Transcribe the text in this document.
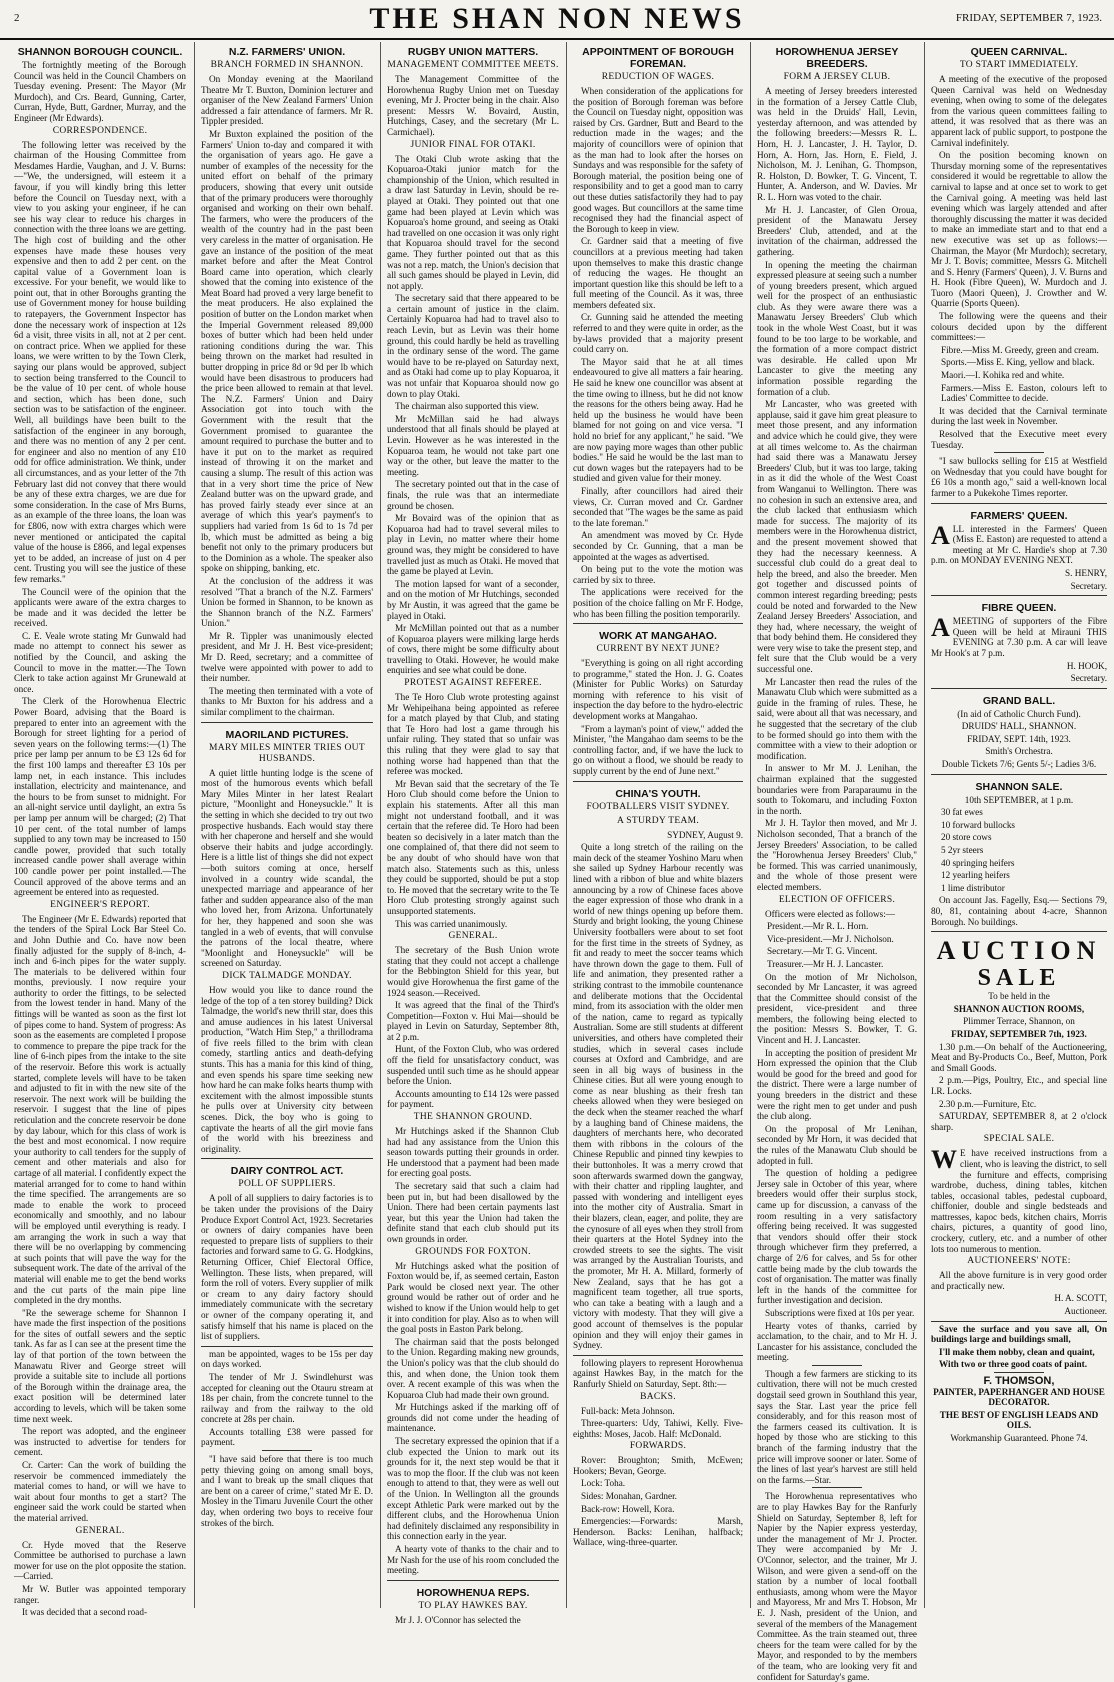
2	THE SHAN NON NEWS	FRIDAY, SEPTEMBER 7, 1923.
SHANNON BOROUGH COUNCIL.

The fortnightly meeting of the Borough Council was held in the Council Chambers on Tuesday evening. Present: The Mayor (Mr Murdoch), and Crs. Beard, Gunning, Carter, Curran, Hyde, Butt, Gardner, Murray, and the Engineer (Mr Edwards).

CORRESPONDENCE.

The following letter was received by the chairman of the Housing Committee from Mesdames Hardie, Vaughan, and J. V. Burns:—"We, the undersigned, will esteem it a favour, if you will kindly bring this letter before the Council on Tuesday next, with a view to you asking your engineer, if he can see his way clear to reduce his charges in connection with the three loans we are getting. The high cost of building and the other expenses have made these houses very expensive and then to add 2 per cent. on the capital value of a Government loan is excessive. For your benefit, we would like to point out, that in other Boroughs granting the use of Government money for house building to ratepayers, the Government Inspector has done the necessary work of inspection at 12s 6d a visit, three visits in all, not at 2 per cent. on contract price. When we applied for these loans, we were written to by the Town Clerk, saying our plans would be approved, subject to section being transferred to the Council to be the value of 10 per cent. of whole house and section, which has been done, such section was to be satisfaction of the engineer. Well, all buildings have been built to the satisfaction of the engineer in any borough, and there was no mention of any 2 per cent. for engineer and also no mention of any £10 odd for office administration. We think, under all circumstances, and as your letter of the 7th February last did not convey that there would be any of these extra charges, we are due for some consideration. In the case of Mrs Burns, as an example of the three loans, the loan was for £806, now with extra charges which were never mentioned or anticipated the capital value of the house is £866, and legal expenses yet to be added, an increase of just on 4 per cent. Trusting you will see the justice of these few remarks."

The Council were of the opinion that the applicants were aware of the extra charges to be made and it was decided the letter be received.

C. E. Veale wrote stating Mr Gunwald had made no attempt to connect his sewer as notified by the Council, and asking the Council to move in the matter.—The Town Clerk to take action against Mr Grunewald at once.

The Clerk of the Horowhenua Electric Power Board, advising that the Board is prepared to enter into an agreement with the Borough for street lighting for a period of seven years on the following terms:—(1) The price per lamp per annum to be £3 12s 6d for the first 100 lamps and thereafter £3 10s per lamp net, in each instance. This includes installation, electricity and maintenance, and the hours to be from sunset to midnight. For an all-night service until daylight, an extra 5s per lamp per annum will be charged; (2) That 10 per cent. of the total number of lamps supplied to any town may be increased to 150 candle power, provided that such totally increased candle power shall average within 100 candle power per point installed.—The Council approved of the above terms and an agreement be entered into as requested.

ENGINEER'S REPORT.

The Engineer (Mr E. Edwards) reported that the tenders of the Spiral Lock Bar Steel Co. and John Duthie and Co. have now been finally adjusted for the supply of 8-inch, 4-inch and 6-inch pipes for the water supply. The materials to be delivered within four months, previously. I now require your authority to order the fittings, to be selected from the lowest tender in hand. Many of the fittings will be wanted as soon as the first lot of pipes come to hand. System of progress: As soon as the easements are completed I propose to commence to prepare the pipe track for the line of 6-inch pipes from the intake to the site of the reservoir. Before this work is actually started, complete levels will have to be taken and adjusted to fit in with the new site of the reservoir. The next work will be building the reservoir. I suggest that the line of pipes reticulation and the concrete reservoir be done by day labour, which for this class of work is the best and most economical. I now require your authority to call tenders for the supply of cement and other materials and also for cartage of all material. I confidently expect the material arranged for to come to hand within the time specified. The arrangements are so made to enable the work to proceed economically and smoothly, and no labour will be employed until everything is ready. I am arranging the work in such a way that there will be no overlapping by commencing at such points that will pave the way for the subsequent work. The date of the arrival of the material will enable me to get the bend works and the cut parts of the main pipe line completed in the dry months.

"Re the sewerage scheme for Shannon I have made the first inspection of the positions for the sites of outfall sewers and the septic tank. As far as I can see at the present time the lay of that portion of the town between the Manawatu River and George street will provide a suitable site to include all portions of the Borough within the drainage area, the exact position will be determined later according to levels, which will be taken some time next week.

The report was adopted, and the engineer was instructed to advertise for tenders for cement.

Cr. Carter: Can the work of building the reservoir be commenced immediately the material comes to hand, or will we have to wait about four months to get a start? The engineer said the work could be started when the material arrived.

GENERAL.

Cr. Hyde moved that the Reserve Committee be authorised to purchase a lawn mower for use on the plot opposite the station.—Carried.

Mr W. Butler was appointed temporary ranger.

It was decided that a second road-

N.Z. FARMERS' UNION.
BRANCH FORMED IN SHANNON.

On Monday evening at the Maoriland Theatre Mr T. Buxton, Dominion lecturer and organiser of the New Zealand Farmers' Union addressed a fair attendance of farmers. Mr R. Tippler presided.

Mr Buxton explained the position of the Farmers' Union to-day and compared it with the organisation of years ago. He gave a number of examples of the necessity for the united effort on behalf of the primary producers, showing that every unit outside that of the primary producers were thoroughly organised and working on their own behalf. The farmers, who were the producers of the wealth of the country had in the past been very careless in the matter of organisation. He gave an instance of the position of the meat market before and after the Meat Control Board came into operation, which clearly showed that the coming into existence of the Meat Board had proved a very large benefit to the meat producers. He also explained the position of butter on the London market when the Imperial Government released 89,000 boxes of butter which had been held under rationing conditions during the war. This being thrown on the market had resulted in butter dropping in price 8d or 9d per lb which would have been disastrous to producers had the price been allowed to remain at that level. The N.Z. Farmers' Union and Dairy Association got into touch with the Government with the result that the Government promised to guarantee the amount required to purchase the butter and to have it put on to the market as required instead of throwing it on the market and causing a slump. The result of this action was that in a very short time the price of New Zealand butter was on the upward grade, and has proved fairly steady ever since at an average of which this year's payment's to suppliers had varied from 1s 6d to 1s 7d per lb, which must be admitted as being a big benefit not only to the primary producers but to the Dominion as a whole. The speaker also spoke on shipping, banking, etc.

At the conclusion of the address it was resolved "That a branch of the N.Z. Farmers' Union be formed in Shannon, to be known as the Shannon branch of the N.Z. Farmers' Union."

Mr R. Tippler was unanimously elected president, and Mr J. H. Best vice-president; Mr D. Reed, secretary; and a committee of twelve were appointed with power to add to their number.

The meeting then terminated with a vote of thanks to Mr Buxton for his address and a similar compliment to the chairman.

MAORILAND PICTURES.
MARY MILES MINTER TRIES OUT HUSBANDS.

A quiet little hunting lodge is the scene of most of the humorous events which befall Mary Miles Minter in her latest Realart picture, "Moonlight and Honeysuckle." It is the setting in which she decided to try out two prospective husbands. Each would stay there with her chaperone and herself and she would observe their habits and judge accordingly. Here is a little list of things she did not expect—both suitors coming at once, herself involved in a country wide scandal, the unexpected marriage and appearance of her father and sudden appearance also of the man who loved her, from Arizona. Unfortunately for her, they happened and soon she was tangled in a web of events, that will convulse the patrons of the local theatre, where "Moonlight and Honeysuckle" will be screened on Saturday.

DICK TALMADGE MONDAY.

How would you like to dance round the ledge of the top of a ten storey building? Dick Talmadge, the world's new thrill star, does this and amuse audiences in his latest Universal production, "Watch Him Step," a thrillodrama of five reels filled to the brim with clean comedy, startling antics and death-defying stunts. This has a mania for this kind of thing, and even spends his spare time seeking new how hard he can make folks hearts thump with excitement with the almost impossible stunts he pulls over at University city between scenes. Dick, the boy who is going to captivate the hearts of all the girl movie fans of the world with his breeziness and originality.

DAIRY CONTROL ACT.
POLL OF SUPPLIERS.

A poll of all suppliers to dairy factories is to be taken under the provisions of the Dairy Produce Export Control Act, 1923. Secretaries or owners of dairy companies have been requested to prepare lists of suppliers to their factories and forward same to G. G. Hodgkins, Returning Officer, Chief Electoral Office, Wellington. These lists, when prepared, will form the roll of voters. Every supplier of milk or cream to any dairy factory should immediately communicate with the secretary or owner of the company operating it, and satisfy himself that his name is placed on the list of suppliers.

man be appointed, wages to be 15s per day on days worked.

The tender of Mr J. Swindlehurst was accepted for cleaning out the Otauru stream at 18s per chain, from the concrete tunnel to the railway and from the railway to the old concrete at 28s per chain.

Accounts totalling £38 were passed for payment.

"I have said before that there is too much petty thieving going on among small boys, and I want to break up the small cliques that are bent on a career of crime," stated Mr E. D. Mosley in the Timaru Juvenile Court the other day, when ordering two boys to receive four strokes of the birch.

RUGBY UNION MATTERS.
MANAGEMENT COMMITTEE MEETS.

The Management Committee of the Horowhenua Rugby Union met on Tuesday evening, Mr J. Procter being in the chair. Also present: Messrs W. Bovaird, Austin, Hutchings, Casey, and the secretary (Mr L. Carmichael).

JUNIOR FINAL FOR OTAKI.

The Otaki Club wrote asking that the Kopuaroa-Otaki junior match for the championship of the Union, which resulted in a draw last Saturday in Levin, should be re-played at Otaki. They pointed out that one game had been played at Levin which was Kopuaroa's home ground, and seeing as Otaki had travelled on one occasion it was only right that Kopuaroa should travel for the second game. They further pointed out that as this was not a rep. match, the Union's decision that all such games should be played in Levin, did not apply.

The secretary said that there appeared to be a certain amount of justice in the claim. Certainly Kopuaroa had had to travel also to reach Levin, but as Levin was their home ground, this could hardly be held as travelling in the ordinary sense of the word. The game would have to be re-played on Saturday next, and as Otaki had come up to play Kopuaroa, it was not unfair that Kopuaroa should now go down to play Otaki.

The chairman also supported this view.

Mr McMillan said he had always understood that all finals should be played at Levin. However as he was interested in the Kopuaroa team, he would not take part one way or the other, but leave the matter to the meeting.

The secretary pointed out that in the case of finals, the rule was that an intermediate ground be chosen.

Mr Bovaird was of the opinion that as Kopuaroa had had to travel several miles to play in Levin, no matter where their home ground was, they might be considered to have travelled just as much as Otaki. He moved that the game be played at Levin.

The motion lapsed for want of a seconder, and on the motion of Mr Hutchings, seconded by Mr Austin, it was agreed that the game be played in Otaki.

Mr McMillan pointed out that as a number of Kopuaroa players were milking large herds of cows, there might be some difficulty about travelling to Otaki. However, he would make enquiries and see what could be done.

PROTEST AGAINST REFEREE.

The Te Horo Club wrote protesting against Mr Wehipeihana being appointed as referee for a match played by that Club, and stating that Te Horo had lost a game through his unfair ruling. They stated that so unfair was this ruling that they were glad to say that nothing worse had happened than that the referee was mocked.

Mr Bevan said that the secretary of the Te Horo Club should come before the Union to explain his statements. After all this man might not understand football, and it was certain that the referee did. Te Horo had been beaten so decisively in a later match than the one complained of, that there did not seem to be any doubt of who should have won that match also. Statements such as this, unless they could be supported, should be put a stop to. He moved that the secretary write to the Te Horo Club protesting strongly against such unsupported statements.

This was carried unanimously.

GENERAL.

The secretary of the Bush Union wrote stating that they could not accept a challenge for the Bebbington Shield for this year, but would give Horowhenua the first game of the 1924 season.—Received.

It was agreed that the final of the Third's Competition—Foxton v. Hui Mai—should be played in Levin on Saturday, September 8th, at 2 p.m.

Hunt, of the Foxton Club, who was ordered off the field for unsatisfactory conduct, was suspended until such time as he should appear before the Union.

Accounts amounting to £14 12s were passed for payment.

THE SHANNON GROUND.

Mr Hutchings asked if the Shannon Club had had any assistance from the Union this season towards putting their grounds in order. He understood that a payment had been made for erecting goal posts.

The secretary said that such a claim had been put in, but had been disallowed by the Union. There had been certain payments last year, but this year the Union had taken the definite stand that each club should put its own grounds in order.

GROUNDS FOR FOXTON.

Mr Hutchings asked what the position of Foxton would be, if, as seemed certain, Easton Park would be closed next year. The other ground would be rather out of order and he wished to know if the Union would help to get it into condition for play. Also as to when will the goal posts in Easton Park belong.

The chairman said that the posts belonged to the Union. Regarding making new grounds, the Union's policy was that the club should do this, and when done, the Union took them over. A recent example of this was when the Kopuaroa Club had made their own ground.

Mr Hutchings asked if the marking off of grounds did not come under the heading of maintenance.

The secretary expressed the opinion that if a club expected the Union to mark out its grounds for it, the next step would be that it was to mop the floor. If the club was not keen enough to attend to that, they were as well out of the Union. In Wellington all the grounds except Athletic Park were marked out by the different clubs, and the Horowhenua Union had definitely disclaimed any responsibility in this connection early in the year.

A hearty vote of thanks to the chair and to Mr Nash for the use of his room concluded the meeting.

HOROWHENUA REPS.
TO PLAY HAWKES BAY.

Mr J. J. O'Connor has selected the

APPOINTMENT OF BOROUGH FOREMAN.
REDUCTION OF WAGES.

When consideration of the applications for the position of Borough foreman was before the Council on Tuesday night, opposition was raised by Crs. Gardner, Butt and Beard to the reduction made in the wages; and the majority of councillors were of opinion that as the man had to look after the horses on Sundays and was responsible for the safety of Borough material, the position being one of responsibility and to get a good man to carry out these duties satisfactorily they had to pay good wages. But councillors at the same time recognised they had the financial aspect of the Borough to keep in view.

Cr. Gardner said that a meeting of five councillors at a previous meeting had taken upon themselves to make this drastic change of reducing the wages. He thought an important question like this should be left to a full meeting of the Council. As it was, three members defeated six.

Cr. Gunning said he attended the meeting referred to and they were quite in order, as the by-laws provided that a majority present could carry on.

The Mayor said that he at all times endeavoured to give all matters a fair hearing. He said he knew one councillor was absent at the time owing to illness, but he did not know the reasons for the others being away. Had he held up the business he would have been blamed for not going on and vice versa. "I hold no brief for any applicant," he said. "We are now paying more wages than other public bodies." He said he would be the last man to cut down wages but the ratepayers had to be studied and given value for their money.

Finally, after councillors had aired their views, Cr. Curran moved and Cr. Gardner seconded that "The wages be the same as paid to the late foreman."

An amendment was moved by Cr. Hyde seconded by Cr. Gunning, that a man be appointed at the wages as advertised.

On being put to the vote the motion was carried by six to three.

The applications were received for the position of the choice falling on Mr F. Hodge, who has been filling the position temporarily.

WORK AT MANGAHAO.
CURRENT BY NEXT JUNE?

"Everything is going on all right according to programme," stated the Hon. J. G. Coates (Minister for Public Works) on Saturday morning with reference to his visit of inspection the day before to the hydro-electric development works at Mangahao.

"From a layman's point of view," added the Minister, "the Mangahao dam seems to be the controlling factor, and, if we have the luck to go on without a flood, we should be ready to supply current by the end of June next."

CHINA'S YOUTH.
FOOTBALLERS VISIT SYDNEY.
A STURDY TEAM.

SYDNEY, August 9.

Quite a long stretch of the railing on the main deck of the steamer Yoshino Maru when she sailed up Sydney Harbour recently was lined with a ribbon of blue and white blazers announcing by a row of Chinese faces above the eager expression of those who drank in a world of new things opening up before them. Sturdy and bright looking, the young Chinese University footballers were about to set foot for the first time in the streets of Sydney, as fit and ready to meet the soccer teams which have thrown down the gage to them. Full of life and animation, they presented rather a striking contrast to the immobile countenance and deliberate motions that the Occidental mind, from its association with the older men of the nation, came to regard as typically Australian. Some are still students at different universities, and others have completed their studies, which in several cases include courses at Oxford and Cambridge, and are seen in all big ways of business in the Chinese cities. But all were young enough to come as near blushing as their fresh tan cheeks allowed when they were besieged on the deck when the steamer reached the wharf by a laughing band of Chinese maidens, the daughters of merchants here, who decorated them with ribbons in the colours of the Chinese Republic and pinned tiny kewpies to their buttonholes. It was a merry crowd that soon afterwards swarmed down the gangway, with their chatter and rippling laughter, and passed with wondering and intelligent eyes into the mother city of Australia. Smart in their blazers, clean, eager, and polite, they are the cynosure of all eyes when they stroll from their quarters at the Hotel Sydney into the crowded streets to see the sights. The visit was arranged by the Australian Tourists, and the promoter, Mr H. A. Millard, formerly of New Zealand, says that he has got a magnificent team together, all true sports, who can take a beating with a laugh and a victory with modesty. That they will give a good account of themselves is the popular opinion and they will enjoy their games in Sydney.

following players to represent Horowhenua against Hawkes Bay, in the match for the Ranfurly Shield on Saturday, Sept. 8th:—

BACKS.

Full-back: Meta Johnson.

Three-quarters: Udy, Tahiwi, Kelly. Five-eighths: Moses, Jacob. Half: McDonald.

FORWARDS.

Rover: Broughton; Smith, McEwen; Hookers; Bevan, George.

Lock: Toha.

Sides: Monahan, Gardner.

Back-row: Howell, Kora.

Emergencies:—Forwards: Marsh, Henderson. Backs: Lenihan, halfback; Wallace, wing-three-quarter.

HOROWHENUA JERSEY BREEDERS.
FORM A JERSEY CLUB.

A meeting of Jersey breeders interested in the formation of a Jersey Cattle Club, was held in the Druids' Hall, Levin, yesterday afternoon, and was attended by the following breeders:—Messrs R. L. Horn, H. J. Lancaster, J. H. Taylor, D. Horn, A. Horn, Jas. Horn, E. Field, J. Nicholson, M. J. Lenihan, G. Thompson, R. Holston, D. Bowker, T. G. Vincent, T. Hunter, A. Anderson, and W. Davies. Mr R. L. Horn was voted to the chair.

Mr H. J. Lancaster, of Glen Oroua, president of the Manawatu Jersey Breeders' Club, attended, and at the invitation of the chairman, addressed the gathering.

In opening the meeting the chairman expressed pleasure at seeing such a number of young breeders present, which argued well for the prospect of an enthusiastic club. As they were aware there was a Manawatu Jersey Breeders' Club which took in the whole West Coast, but it was found to be too large to be workable, and the formation of a more compact district was desirable. He called upon Mr Lancaster to give the meeting any information possible regarding the formation of a club.

Mr Lancaster, who was greeted with applause, said it gave him great pleasure to meet those present, and any information and advice which he could give, they were at all times welcome to. As the chairman had said there was a Manawatu Jersey Breeders' Club, but it was too large, taking in as it did the whole of the West Coast from Wanganui to Wellington. There was no cohesion in such an extensive area, and the club lacked that enthusiasm which made for success. The majority of its members were in the Horowhenua district, and the present movement showed that they had the necessary keenness. A successful club could do a great deal to help the breed, and also the breeder. Men got together and discussed points of common interest regarding breeding; pests could be noted and forwarded to the New Zealand Jersey Breeders' Association, and they had, where necessary, the weight of that body behind them. He considered they were very wise to take the present step, and felt sure that the Club would be a very successful one.

Mr Lancaster then read the rules of the Manawatu Club which were submitted as a guide in the framing of rules. These, he said, were about all that was necessary, and he suggested that the secretary of the club to be formed should go into them with the committee with a view to their adoption or modification.

In answer to Mr M. J. Lenihan, the chairman explained that the suggested boundaries were from Paraparaumu in the south to Tokomaru, and including Foxton in the north.

Mr J. H. Taylor then moved, and Mr J. Nicholson seconded, That a branch of the Jersey Breeders' Association, to be called the "Horowhenua Jersey Breeders' Club," be formed. This was carried unanimously, and the whole of those present were elected members.

ELECTION OF OFFICERS.

Officers were elected as follows:—

President.—Mr R. L. Horn.

Vice-president.—Mr J. Nicholson.

Secretary.—Mr T. G. Vincent.

Treasurer.—Mr H. J. Lancaster.

On the motion of Mr Nicholson, seconded by Mr Lancaster, it was agreed that the Committee should consist of the president, vice-president and three members, the following being elected to the position: Messrs S. Bowker, T. G. Vincent and H. J. Lancaster.

In accepting the position of president Mr Horn expressed the opinion that the Club would be good for the breed and good for the district. There were a large number of young breeders in the district and these were the right men to get under and push the club along.

On the proposal of Mr Lenihan, seconded by Mr Horn, it was decided that the rules of the Manawatu Club should be adopted in full.

The question of holding a pedigree Jersey sale in October of this year, where breeders would offer their surplus stock, came up for discussion, a canvass of the room resulting in a very satisfactory offering being received. It was suggested that vendors should offer their stock through whichever firm they preferred, a charge of 2/6 for calves, and 5s for other cattle being made by the club towards the cost of organisation. The matter was finally left in the hands of the committee for further investigation and decision.

Subscriptions were fixed at 10s per year.

Hearty votes of thanks, carried by acclamation, to the chair, and to Mr H. J. Lancaster for his assistance, concluded the meeting.

Though a few farmers are sticking to its cultivation, there will not be much crested dogstail seed grown in Southland this year, says the Star. Last year the price fell considerably, and for this reason most of the farmers ceased its cultivation. It is hoped by those who are sticking to this branch of the farming industry that the price will improve sooner or later. Some of the lines of last year's harvest are still held on the farms.—Star.

The Horowhenua representatives who are to play Hawkes Bay for the Ranfurly Shield on Saturday, September 8, left for Napier by the Napier express yesterday, under the management of Mr J. Procter. They were accompanied by Mr J. O'Connor, selector, and the trainer, Mr J. Wilson, and were given a send-off on the station by a number of local football enthusiasts, among whom were the Mayor and Mayoress, Mr and Mrs T. Hobson, Mr E. J. Nash, president of the Union, and several of the members of the Management Committee. As the train steamed out, three cheers for the team were called for by the Mayor, and responded to by the members of the team, who are looking very fit and confident for Saturday's game.

QUEEN CARNIVAL.
TO START IMMEDIATELY.

A meeting of the executive of the proposed Queen Carnival was held on Wednesday evening, when owing to some of the delegates from the various queen committees failing to attend, it was resolved that as there was an apparent lack of public support, to postpone the Carnival indefinitely.

On the position becoming known on Thursday morning some of the representatives considered it would be regrettable to allow the carnival to lapse and at once set to work to get the Carnival going. A meeting was held last evening which was largely attended and after thoroughly discussing the matter it was decided to make an immediate start and to that end a new executive was set up as follows:—Chairman, the Mayor (Mr Murdoch); secretary, Mr J. T. Bovis; committee, Messrs G. Mitchell and S. Henry (Farmers' Queen), J. V. Burns and H. Hook (Fibre Queen), W. Murdoch and J. Tuoro (Maori Queen), J. Crowther and W. Quarrie (Sports Queen).

The following were the queens and their colours decided upon by the different committees:—

Fibre.—Miss M. Greedy, green and cream.

Sports.—Miss E. King, yellow and black.

Maori.—I. Kohika red and white.

Farmers.—Miss E. Easton, colours left to Ladies' Committee to decide.

It was decided that the Carnival terminate during the last week in November.

Resolved that the Executive meet every Tuesday.

"I saw bullocks selling for £15 at Westfield on Wednesday that you could have bought for £6 10s a month ago," said a well-known local farmer to a Pukekohe Times reporter.

FARMERS' QUEEN.

ALL interested in the Farmers' Queen (Miss E. Easton) are requested to attend a meeting at Mr C. Hardie's shop at 7.30 p.m. on MONDAY EVENING NEXT.

S. HENRY,

Secretary.

FIBRE QUEEN.

AMEETING of supporters of the Fibre Queen will be held at Mirauni THIS EVENING at 7.30 p.m. A car will leave Mr Hook's at 7 p.m.

H. HOOK,

Secretary.

GRAND BALL.

(In aid of Catholic Church Fund).

DRUIDS' HALL, SHANNON.

FRIDAY, SEPT. 14th, 1923.

Smith's Orchestra.

Double Tickets 7/6; Gents 5/-; Ladies 3/6.

SHANNON SALE.

10th SEPTEMBER, at 1 p.m.

30 fat ewes

10 forward bullocks

20 store cows

5 2yr steers

40 springing heifers

12 yearling heifers

1 lime distributor

On account Jas. Fagelly, Esq.— Sections 79, 80, 81, containing about 4-acre, Shannon Borough. No buildings.

AUCTION
SALE

To be held in the

SHANNON AUCTION ROOMS,

Plimmer Terrace, Shannon, on

FRIDAY, SEPTEMBER 7th, 1923.

1.30 p.m.—On behalf of the Auctioneering, Meat and By-Products Co., Beef, Mutton, Pork and Small Goods.

2 p.m.—Pigs, Poultry, Etc., and special line I.R. Locks.

2.30 p.m.—Furniture, Etc.

SATURDAY, SEPTEMBER 8, at 2 o'clock sharp.

SPECIAL SALE.

W E have received instructions from a client, who is leaving the district, to sell the furniture and effects, comprising wardrobe, duchess, dining tables, kitchen tables, occasional tables, pedestal cupboard, chiffonier, double and single bedsteads and mattresses, kapoc beds, kitchen chairs, Morris chairs, pictures, a quantity of good lino, crockery, cutlery, etc. and a number of other lots too numerous to mention.

AUCTIONEERS' NOTE:

All the above furniture is in very good order and practically new.

H. A. SCOTT,

Auctioneer.

Save the surface and you save all, On buildings large and buildings small,

I'll make them nobby, clean and quaint,

With two or three good coats of paint.

F. THOMSON,

PAINTER, PAPERHANGER AND HOUSE DECORATOR.

THE BEST OF ENGLISH LEADS AND OILS.

Workmanship Guaranteed. Phone 74.
